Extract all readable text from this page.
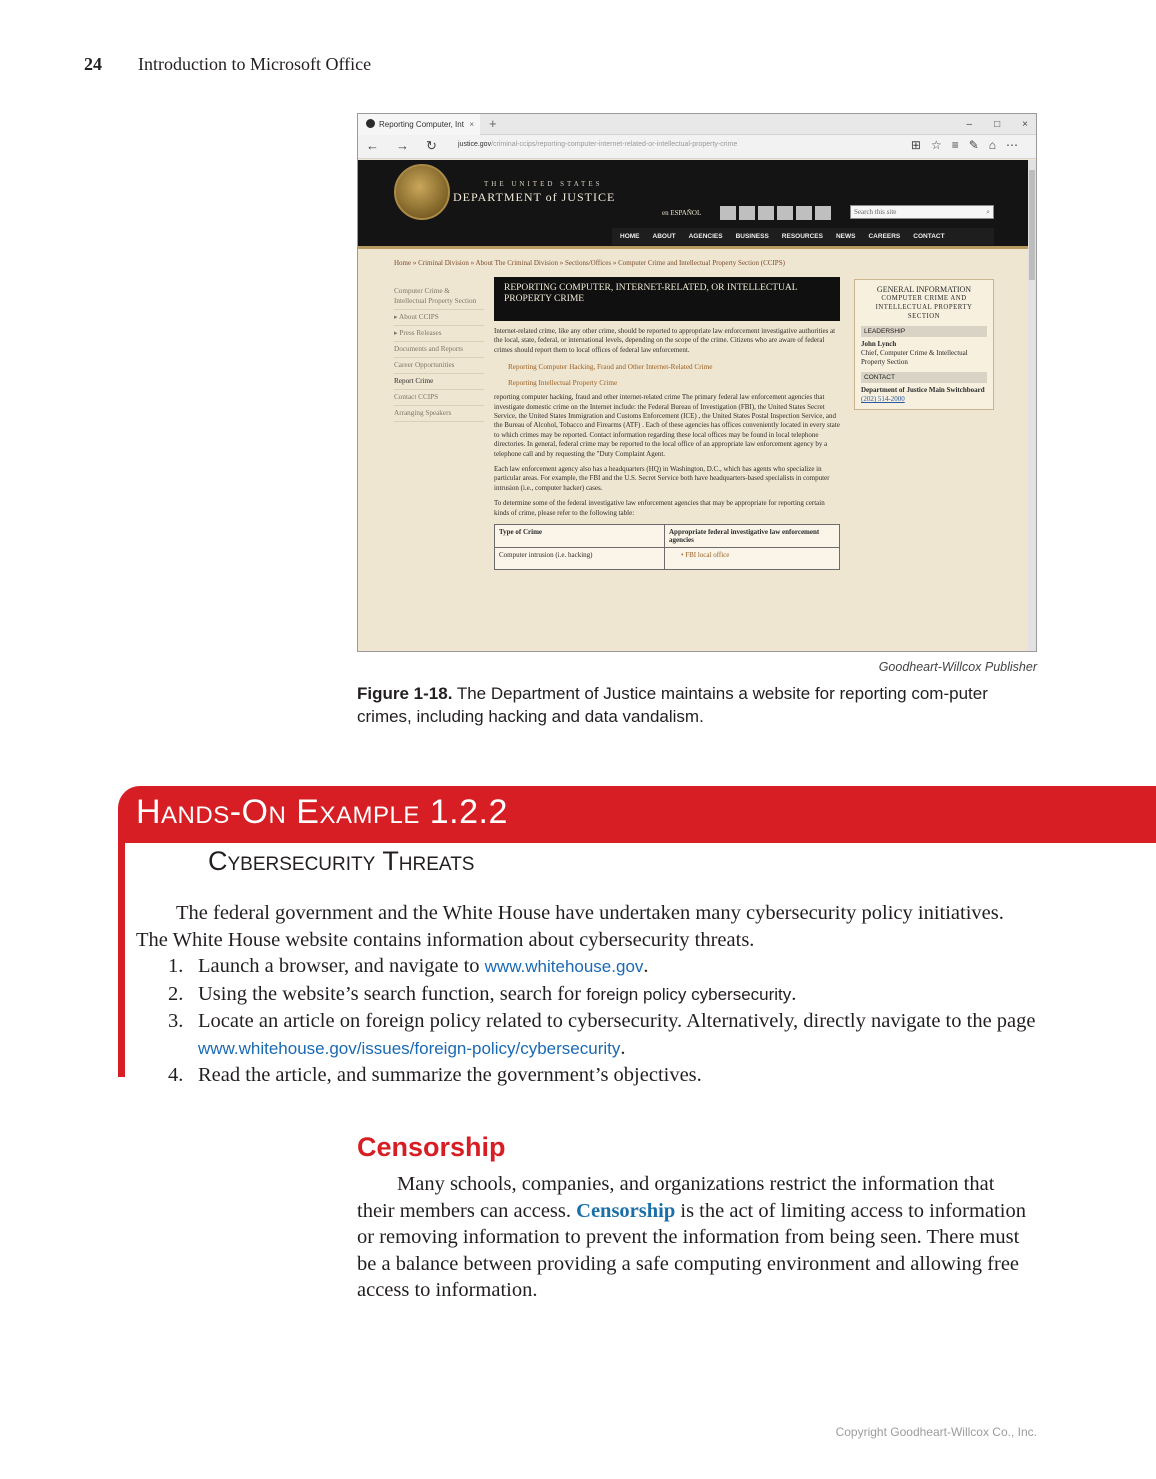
24 Introduction to Microsoft Office
Reporting Computer, Int × +	– □ ×
← → ↻	justice.gov/criminal-ccips/reporting-computer-internet-related-or-intellectual-property-crime	⊞☆≡✎⌂⋯
THE UNITED STATES
DEPARTMENT of JUSTICE
en ESPAÑOL	Search this site	⌕
HOME ABOUT AGENCIES BUSINESS RESOURCES NEWS CAREERS CONTACT
Home » Criminal Division » About The Criminal Division » Sections/Offices » Computer Crime and Intellectual Property Section (CCIPS)
Computer Crime & Intellectual Property Section
▸ About CCIPS
▸ Press Releases
Documents and Reports
Career Opportunities
Report Crime
Contact CCIPS
Arranging Speakers
REPORTING COMPUTER, INTERNET-RELATED, OR INTELLECTUAL PROPERTY CRIME

Internet-related crime, like any other crime, should be reported to appropriate law enforcement investigative authorities at the local, state, federal, or international levels, depending on the scope of the crime. Citizens who are aware of federal crimes should report them to local offices of federal law enforcement.

Reporting Computer Hacking, Fraud and Other Internet-Related Crime

Reporting Intellectual Property Crime

reporting computer hacking, fraud and other internet-related crime The primary federal law enforcement agencies that investigate domestic crime on the Internet include: the Federal Bureau of Investigation (FBI), the United States Secret Service, the United States Immigration and Customs Enforcement (ICE) , the United States Postal Inspection Service, and the Bureau of Alcohol, Tobacco and Firearms (ATF) . Each of these agencies has offices conveniently located in every state to which crimes may be reported. Contact information regarding these local offices may be found in local telephone directories. In general, federal crime may be reported to the local office of an appropriate law enforcement agency by a telephone call and by requesting the "Duty Complaint Agent.

Each law enforcement agency also has a headquarters (HQ) in Washington, D.C., which has agents who specialize in particular areas. For example, the FBI and the U.S. Secret Service both have headquarters-based specialists in computer intrusion (i.e., computer hacker) cases.

To determine some of the federal investigative law enforcement agencies that may be appropriate for reporting certain kinds of crime, please refer to the following table:

Type of Crime	Appropriate federal investigative law enforcement agencies
Computer intrusion (i.e. hacking)	• FBI local office
GENERAL INFORMATION
COMPUTER CRIME AND INTELLECTUAL PROPERTY SECTION
LEADERSHIP
John Lynch
Chief, Computer Crime & Intellectual Property Section
CONTACT
Department of Justice Main Switchboard
(202) 514-2000
Goodheart-Willcox Publisher
Figure 1-18. The Department of Justice maintains a website for reporting com-puter crimes, including hacking and data vandalism.
Hands-On Example 1.2.2
Cybersecurity Threats

The federal government and the White House have undertaken many cybersecurity policy initiatives. The White House website contains information about cybersecurity threats.

1. Launch a browser, and navigate to www.whitehouse.gov.
2. Using the website’s search function, search for foreign policy cybersecurity.
3. Locate an article on foreign policy related to cybersecurity. Alternatively, directly navigate to the page www.whitehouse.gov/issues/foreign-policy/cybersecurity.
4. Read the article, and summarize the government’s objectives.
Censorship

Many schools, companies, and organizations restrict the information that their members can access. Censorship is the act of limiting access to information or removing information to prevent the information from being seen. There must be a balance between providing a safe computing environment and allowing free access to information.

Copyright Goodheart-Willcox Co., Inc.
